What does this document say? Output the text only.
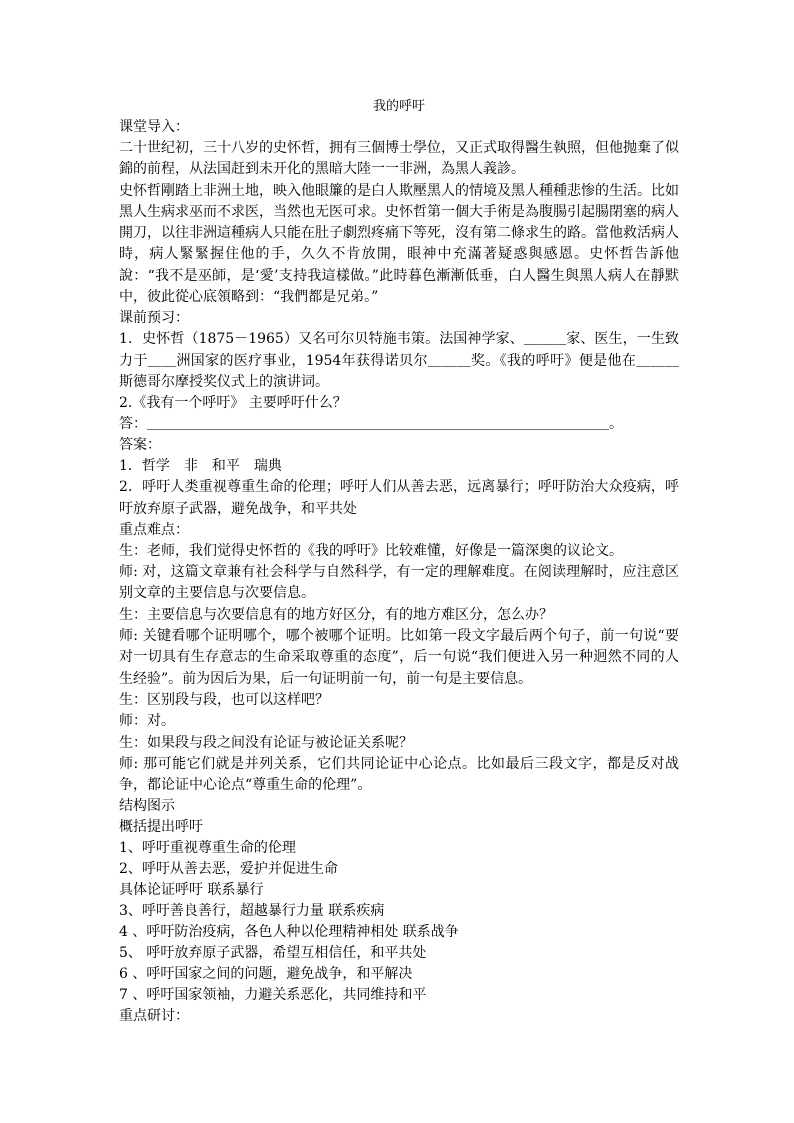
我的呼吁

课堂导入：

二十世纪初，三十八岁的史怀哲，拥有三個博士學位，又正式取得醫生執照，但他抛棄了似錦的前程，从法国赶到未开化的黑暗大陸一一非洲，為黑人義診。

史怀哲剛踏上非洲土地，映入他眼簾的是白人欺壓黑人的情境及黑人種種悲惨的生活。比如黑人生病求巫而不求医，当然也无医可求。史怀哲第一個大手術是為腹腸引起腸閉塞的病人開刀，以往非洲這種病人只能在肚子劇烈疼痛下等死，沒有第二條求生的路。當他救活病人時，病人緊緊握住他的手，久久不肯放開，眼神中充滿著疑惑與感恩。史怀哲告訴他說：“我不是巫師，是‘愛’支持我這樣做。”此時暮色漸漸低垂，白人醫生與黑人病人在靜默中，彼此從心底領略到：“我們都是兄弟。”

课前预习：

1．史怀哲（1875－1965）又名可尔贝特施韦策。法国神学家、＿＿＿家、医生，一生致力于＿＿洲国家的医疗事业，1954年获得诺贝尔＿＿＿奖。《我的呼吁》便是他在＿＿＿斯德哥尔摩授奖仪式上的演讲词。

2.《我有一个呼吁》 主要呼吁什么？

答：＿＿＿＿＿＿＿＿＿＿＿＿＿＿＿＿＿＿＿＿＿＿＿＿＿＿＿＿＿＿＿＿＿。

答案：

1．哲学　非　和平　瑞典

2．呼吁人类重视尊重生命的伦理；呼吁人们从善去恶，远离暴行；呼吁防治大众疫病，呼吁放弃原子武器，避免战争，和平共处

重点难点：

生：老师，我们觉得史怀哲的《我的呼吁》比较难懂，好像是一篇深奥的议论文。

师: 对，这篇文章兼有社会科学与自然科学，有一定的理解难度。在阅读理解时，应注意区别文章的主要信息与次要信息。

生：主要信息与次要信息有的地方好区分，有的地方难区分，怎么办？

师: 关键看哪个证明哪个，哪个被哪个证明。比如第一段文字最后两个句子，前一句说“要对一切具有生存意志的生命采取尊重的态度”，后一句说“我们便进入另一种迥然不同的人生经验”。前为因后为果，后一句证明前一句，前一句是主要信息。

生：区别段与段，也可以这样吧？

师：对。

生：如果段与段之间没有论证与被论证关系呢？

师: 那可能它们就是并列关系，它们共同论证中心论点。比如最后三段文字，都是反对战争，都论证中心论点“尊重生命的伦理”。

结构图示

概括提出呼吁

1、呼吁重视尊重生命的伦理

2、呼吁从善去恶，爱护并促进生命

具体论证呼吁 联系暴行

3、呼吁善良善行，超越暴行力量 联系疾病

4 、呼吁防治疫病，各色人种以伦理精神相处 联系战争

5、 呼吁放弃原子武器，希望互相信任，和平共处

6 、呼吁国家之间的问题，避免战争，和平解决

7 、呼吁国家领袖，力避关系恶化，共同维持和平

重点研讨：
